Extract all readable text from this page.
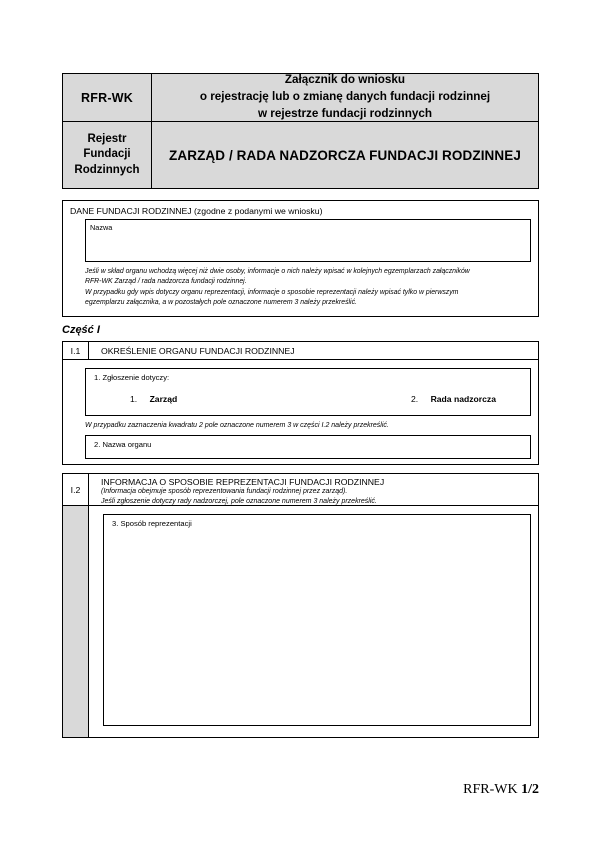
RFR-WK
Rejestr
Fundacji
Rodzinnych
Załącznik do wniosku
o rejestrację lub o zmianę danych fundacji rodzinnej
w rejestrze fundacji rodzinnych
ZARZĄD / RADA NADZORCZA FUNDACJI RODZINNEJ
DANE FUNDACJI RODZINNEJ (zgodne z podanymi we wniosku)
Nazwa
Jeśli w skład organu wchodzą więcej niż dwie osoby, informacje o nich należy wpisać w kolejnych egzemplarzach załączników
RFR-WK Zarząd / rada nadzorcza fundacji rodzinnej.
W przypadku gdy wpis dotyczy organu reprezentacji, informacje o sposobie reprezentacji należy wpisać tylko w pierwszym
egzemplarzu załącznika, a w pozostałych pole oznaczone numerem 3 należy przekreślić.
Część I
I.1	OKREŚLENIE ORGANU FUNDACJI RODZINNEJ
1. Zgłoszenie dotyczy:
1. Zarząd	2. Rada nadzorcza
W przypadku zaznaczenia kwadratu 2 pole oznaczone numerem 3 w części I.2 należy przekreślić.
2. Nazwa organu
I.2
INFORMACJA O SPOSOBIE REPREZENTACJI FUNDACJI RODZINNEJ
(Informacja obejmuje sposób reprezentowania fundacji rodzinnej przez zarząd).
Jeśli zgłoszenie dotyczy rady nadzorczej, pole oznaczone numerem 3 należy przekreślić.
3. Sposób reprezentacji
RFR-WK 1/2
